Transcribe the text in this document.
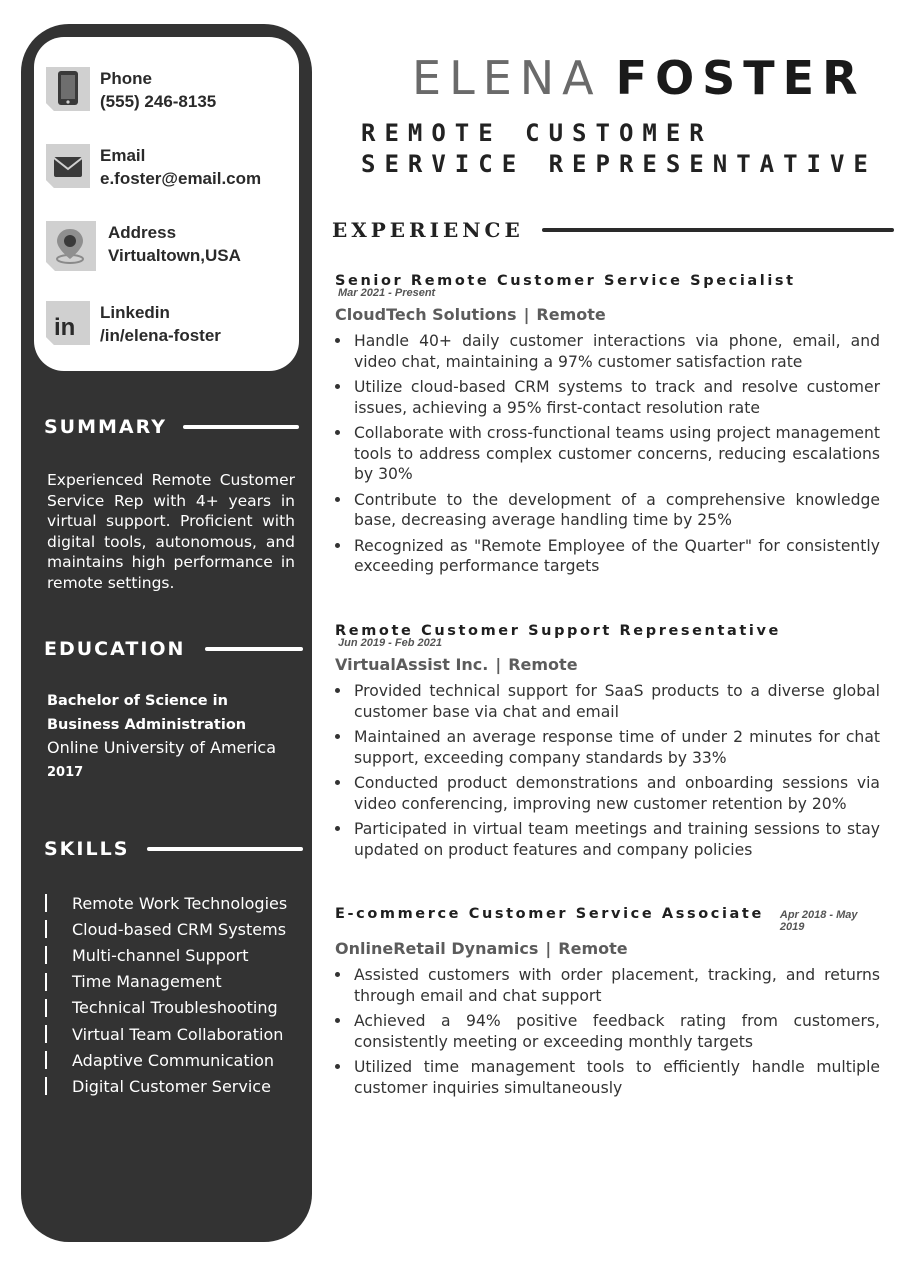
Phone
(555) 246-8135
Email
e.foster@email.com
Address
Virtualtown,USA
in
Linkedin
/in/elena-foster
SUMMARY
Experienced Remote Customer Service Rep with 4+ years in virtual support. Proficient with digital tools, autonomous, and maintains high performance in remote settings.
EDUCATION
Bachelor of Science in Business Administration
Online University of America
2017
SKILLS
Remote Work Technologies
Cloud-based CRM Systems
Multi-channel Support
Time Management
Technical Troubleshooting
Virtual Team Collaboration
Adaptive Communication
Digital Customer Service
ELENA FOSTER
REMOTE CUSTOMER SERVICE REPRESENTATIVE
EXPERIENCE
Senior Remote Customer Service Specialist
Mar 2021 - Present
CloudTech Solutions | Remote
Handle 40+ daily customer interactions via phone, email, and video chat, maintaining a 97% customer satisfaction rate
Utilize cloud-based CRM systems to track and resolve customer issues, achieving a 95% first-contact resolution rate
Collaborate with cross-functional teams using project management tools to address complex customer concerns, reducing escalations by 30%
Contribute to the development of a comprehensive knowledge base, decreasing average handling time by 25%
Recognized as "Remote Employee of the Quarter" for consistently exceeding performance targets
Remote Customer Support Representative
Jun 2019 - Feb 2021
VirtualAssist Inc. | Remote
Provided technical support for SaaS products to a diverse global customer base via chat and email
Maintained an average response time of under 2 minutes for chat support, exceeding company standards by 33%
Conducted product demonstrations and onboarding sessions via video conferencing, improving new customer retention by 20%
Participated in virtual team meetings and training sessions to stay updated on product features and company policies
E-commerce Customer Service Associate Apr 2018 - May 2019
OnlineRetail Dynamics | Remote
Assisted customers with order placement, tracking, and returns through email and chat support
Achieved a 94% positive feedback rating from customers, consistently meeting or exceeding monthly targets
Utilized time management tools to efficiently handle multiple customer inquiries simultaneously
